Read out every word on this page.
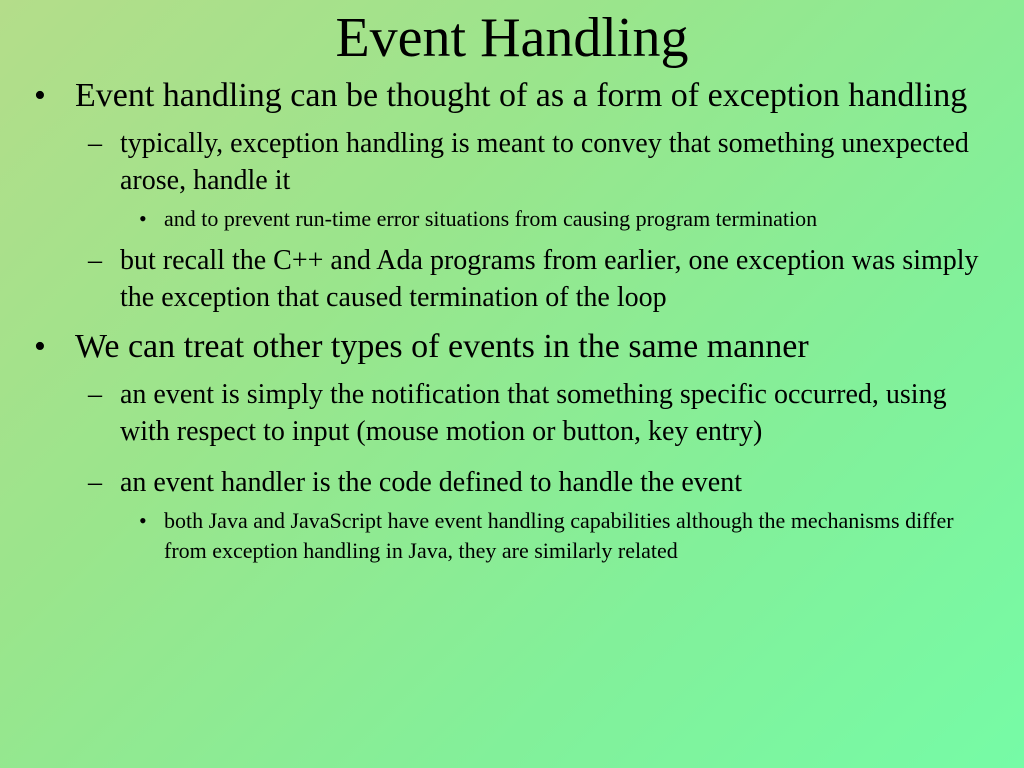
Event Handling
• Event handling can be thought of as a form of exception handling
– typically, exception handling is meant to convey that something unexpected arose, handle it
• and to prevent run-time error situations from causing program termination
– but recall the C++ and Ada programs from earlier, one exception was simply the exception that caused termination of the loop
• We can treat other types of events in the same manner
– an event is simply the notification that something specific occurred, using with respect to input (mouse motion or button, key entry)
– an event handler is the code defined to handle the event
• both Java and JavaScript have event handling capabilities although the mechanisms differ from exception handling in Java, they are similarly related
